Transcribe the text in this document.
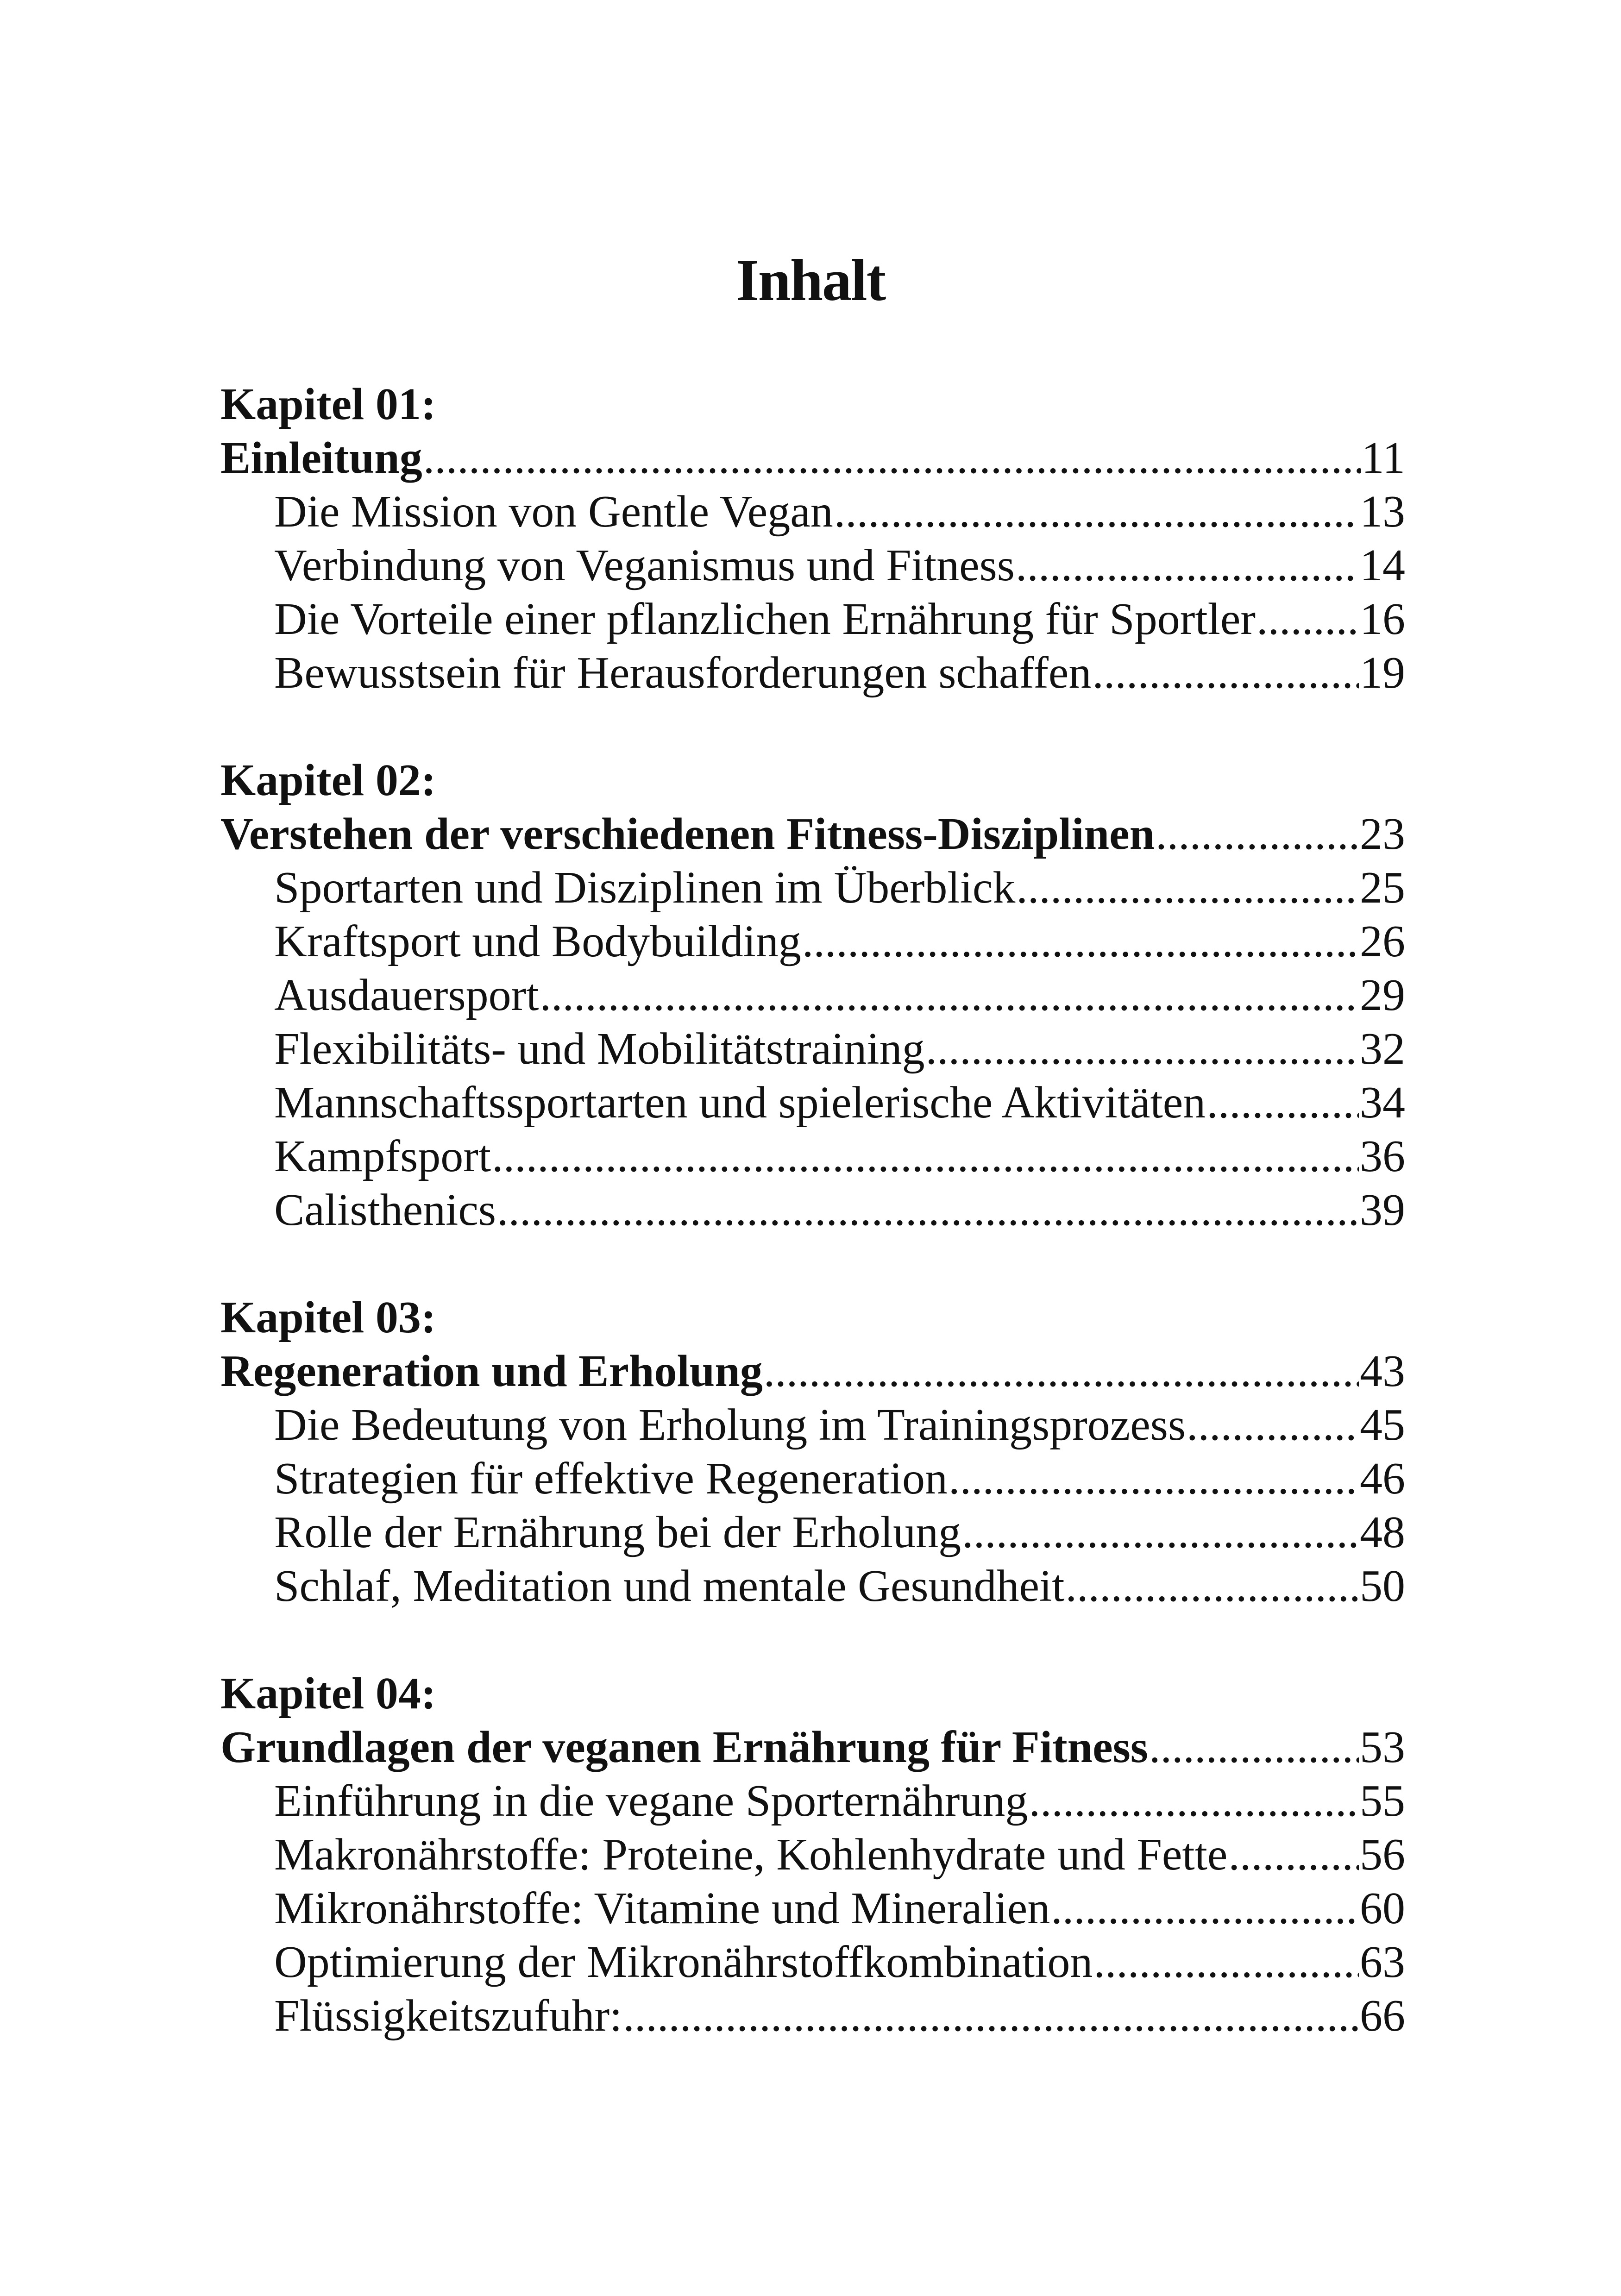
Inhalt
Kapitel 01:
Einleitung .....	11
Die Mission von Gentle Vegan .....	13
Verbindung von Veganismus und Fitness .....	14
Die Vorteile einer pflanzlichen Ernährung für Sportler ..... 16
Bewusstsein für Herausforderungen schaffen .....	19
Kapitel 02:
Verstehen der verschiedenen Fitness-Disziplinen .....	23
Sportarten und Disziplinen im Überblick .....	25
Kraftsport und Bodybuilding .....	26
Ausdauersport .....	29
Flexibilitäts- und Mobilitätstraining .....	32
Mannschaftssportarten und spielerische Aktivitäten .....	34
Kampfsport .....	36
Calisthenics .....	39
Kapitel 03:
Regeneration und Erholung .....	43
Die Bedeutung von Erholung im Trainingsprozess .....	45
Strategien für effektive Regeneration .....	46
Rolle der Ernährung bei der Erholung .....	48
Schlaf, Meditation und mentale Gesundheit .....	50
Kapitel 04:
Grundlagen der veganen Ernährung für Fitness .....	53
Einführung in die vegane Sporternährung .....	55
Makronährstoffe: Proteine, Kohlenhydrate und Fette .....	56
Mikronährstoffe: Vitamine und Mineralien .....	60
Optimierung der Mikronährstoffkombination .....	63
Flüssigkeitszufuhr: .....	66
